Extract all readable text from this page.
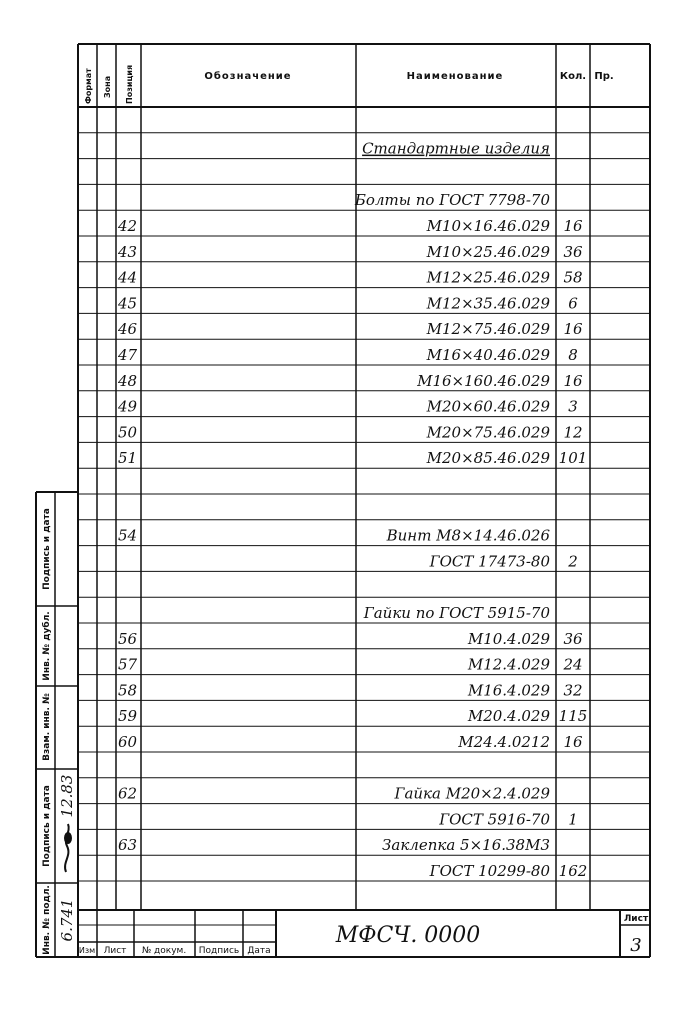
Формат Зона Позиция	Обозначение	Наименование	Кол. Пр.
Стандартные изделия
Болты по ГОСТ 7798-70
42	М10×16.46.029 16
43	М10×25.46.029 36
44	М12×25.46.029 58
45	М12×35.46.029 6
46	М12×75.46.029 16
47	М16×40.46.029 8
48	М16×160.46.029 16
49	М20×60.46.029 3
50	М20×75.46.029 12
51	М20×85.46.029 101
54	Винт М8×14.46.026
ГОСТ 17473-80 2
Гайки по ГОСТ 5915-70
56	М10.4.029 36
57	М12.4.029 24
58	М16.4.029 32
59	М20.4.029 115
60	М24.4.0212 16
62	Гайка М20×2.4.029
ГОСТ 5916-70 1
63	Заклепка 5×16.38М3
ГОСТ 10299-80 162
Подпись и дата
Инв. № дубл.
Взам. инв. №
Подпись и дата
Инв. № подл.
12.83
6.741
Изм Лист № докум. Подпись Дата
МФСЧ. 0000
Лист
3
